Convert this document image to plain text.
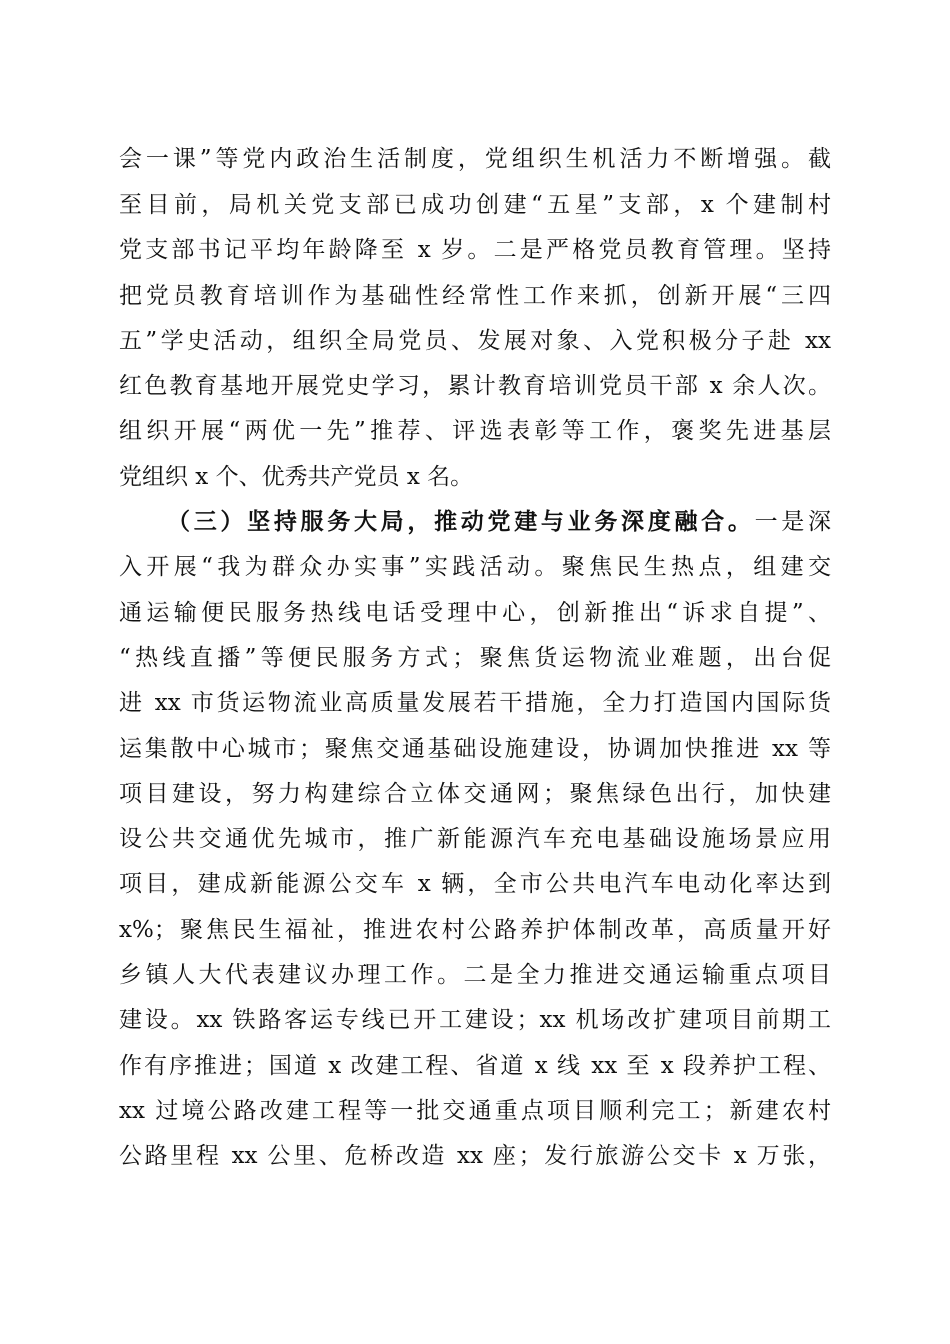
会一课”等党内政治生活制度，党组织生机活力不断增强。截
至目前，局机关党支部已成功创建“五星”支部，x 个建制村
党支部书记平均年龄降至 x 岁。二是严格党员教育管理。坚持
把党员教育培训作为基础性经常性工作来抓，创新开展“三四
五”学史活动，组织全局党员、发展对象、入党积极分子赴 xx
红色教育基地开展党史学习，累计教育培训党员干部 x 余人次。
组织开展“两优一先”推荐、评选表彰等工作，褒奖先进基层
党组织 x 个、优秀共产党员 x 名。
（三）坚持服务大局，推动党建与业务深度融合。一是深
入开展“我为群众办实事”实践活动。聚焦民生热点，组建交
通运输便民服务热线电话受理中心，创新推出“诉求自提”、
“热线直播”等便民服务方式；聚焦货运物流业难题，出台促
进 xx 市货运物流业高质量发展若干措施，全力打造国内国际货
运集散中心城市；聚焦交通基础设施建设，协调加快推进 xx 等
项目建设，努力构建综合立体交通网；聚焦绿色出行，加快建
设公共交通优先城市，推广新能源汽车充电基础设施场景应用
项目，建成新能源公交车 x 辆，全市公共电汽车电动化率达到
x%；聚焦民生福祉，推进农村公路养护体制改革，高质量开好
乡镇人大代表建议办理工作。二是全力推进交通运输重点项目
建设。xx 铁路客运专线已开工建设；xx 机场改扩建项目前期工
作有序推进；国道 x 改建工程、省道 x 线 xx 至 x 段养护工程、
xx 过境公路改建工程等一批交通重点项目顺利完工；新建农村
公路里程 xx 公里、危桥改造 xx 座；发行旅游公交卡 x 万张，
